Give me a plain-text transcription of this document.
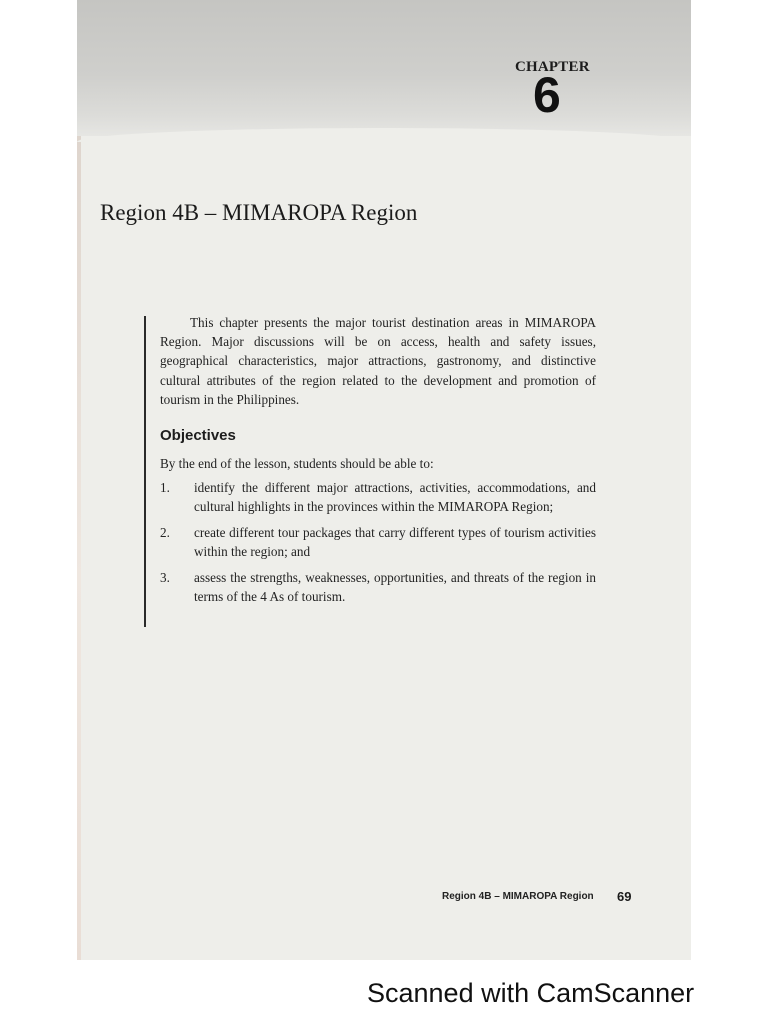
CHAPTER
6
Region 4B – MIMAROPA Region

This chapter presents the major tourist destination areas in MIMAROPA Region. Major discussions will be on access, health and safety issues, geographical characteristics, major attractions, gastronomy, and distinctive cultural attributes of the region related to the development and promotion of tourism in the Philippines.

Objectives

By the end of the lesson, students should be able to:

1.	identify the different major attractions, activities, accommodations, and cultural highlights in the provinces within the MIMAROPA Region;
2.	create different tour packages that carry different types of tourism activities within the region; and
3.	assess the strengths, weaknesses, opportunities, and threats of the region in terms of the 4 As of tourism.
Region 4B – MIMAROPA Region 69
Scanned with CamScanner
